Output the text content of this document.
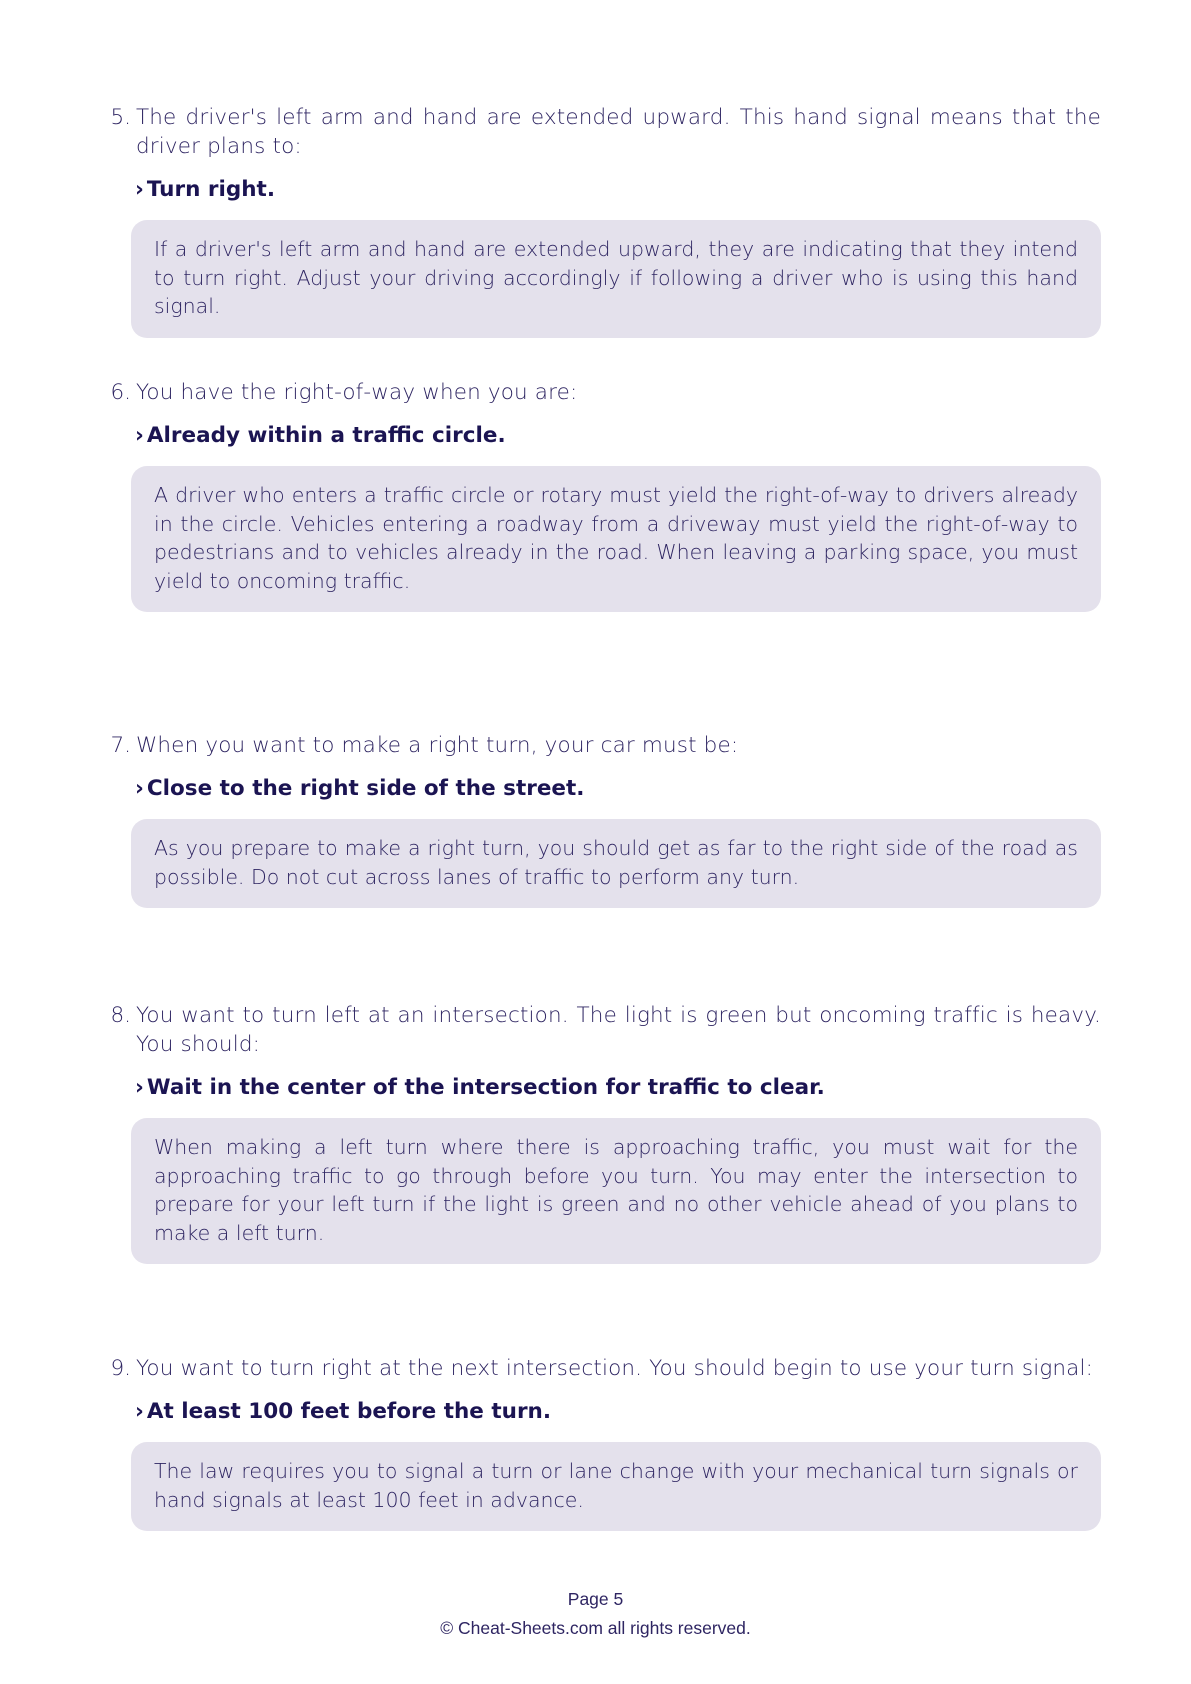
5. The driver's left arm and hand are extended upward. This hand signal means that the driver plans to:
› Turn right.
If a driver's left arm and hand are extended upward, they are indicating that they intend to turn right. Adjust your driving accordingly if following a driver who is using this hand signal.
6. You have the right-of-way when you are:
› Already within a traffic circle.
A driver who enters a traffic circle or rotary must yield the right-of-way to drivers already in the circle. Vehicles entering a roadway from a driveway must yield the right-of-way to pedestrians and to vehicles already in the road. When leaving a parking space, you must yield to oncoming traffic.
7. When you want to make a right turn, your car must be:
› Close to the right side of the street.
As you prepare to make a right turn, you should get as far to the right side of the road as possible. Do not cut across lanes of traffic to perform any turn.
8. You want to turn left at an intersection. The light is green but oncoming traffic is heavy. You should:
› Wait in the center of the intersection for traffic to clear.
When making a left turn where there is approaching traffic, you must wait for the approaching traffic to go through before you turn. You may enter the intersection to prepare for your left turn if the light is green and no other vehicle ahead of you plans to make a left turn.
9. You want to turn right at the next intersection. You should begin to use your turn signal:
› At least 100 feet before the turn.
The law requires you to signal a turn or lane change with your mechanical turn signals or hand signals at least 100 feet in advance.
Page 5
© Cheat-Sheets.com all rights reserved.
